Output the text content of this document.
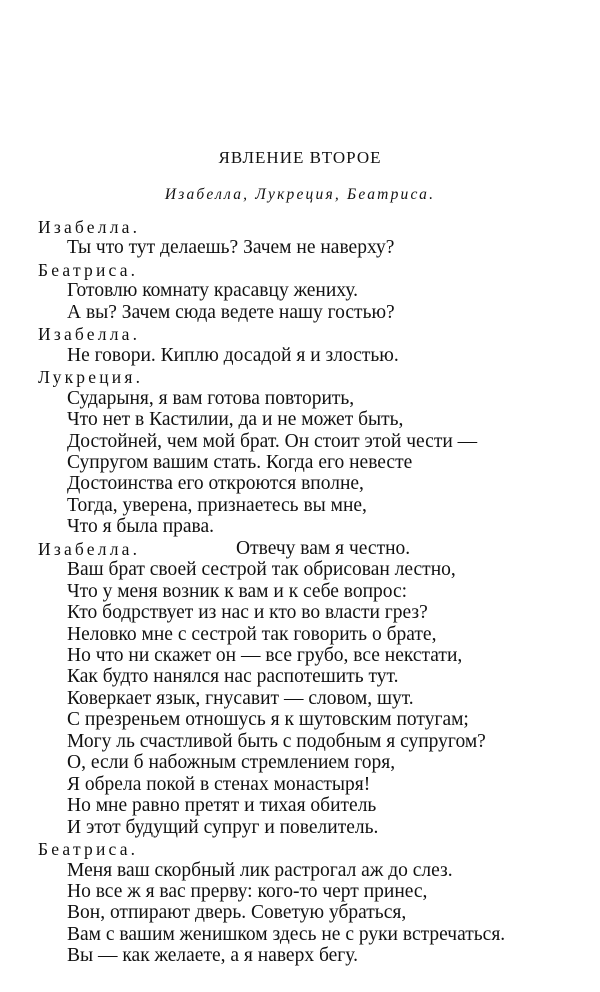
ЯВЛЕНИЕ ВТОРОЕ
Изабелла, Лукреция, Беатриса.
Изабелла.
Ты что тут делаешь? Зачем не наверху?
Беатриса.
Готовлю комнату красавцу жениху.
А вы? Зачем сюда ведете нашу гостью?
Изабелла.
Не говори. Киплю досадой я и злостью.
Лукреция.
Сударыня, я вам готова повторить,
Что нет в Кастилии, да и не может быть,
Достойней, чем мой брат. Он стоит этой чести —
Супругом вашим стать. Когда его невесте
Достоинства его откроются вполне,
Тогда, уверена, признаетесь вы мне,
Что я была права.
Изабелла.	Отвечу вам я честно.
Ваш брат своей сестрой так обрисован лестно,
Что у меня возник к вам и к себе вопрос:
Кто бодрствует из нас и кто во власти грез?
Неловко мне с сестрой так говорить о брате,
Но что ни скажет он — все грубо, все некстати,
Как будто нанялся нас распотешить тут.
Коверкает язык, гнусавит — словом, шут.
С презреньем отношусь я к шутовским потугам;
Могу ль счастливой быть с подобным я супругом?
О, если б набожным стремлением горя,
Я обрела покой в стенах монастыря!
Но мне равно претят и тихая обитель
И этот будущий супруг и повелитель.
Беатриса.
Меня ваш скорбный лик растрогал аж до слез.
Но все ж я вас прерву: кого-то черт принес,
Вон, отпирают дверь. Советую убраться,
Вам с вашим женишком здесь не с руки встречаться.
Вы — как желаете, а я наверх бегу.
